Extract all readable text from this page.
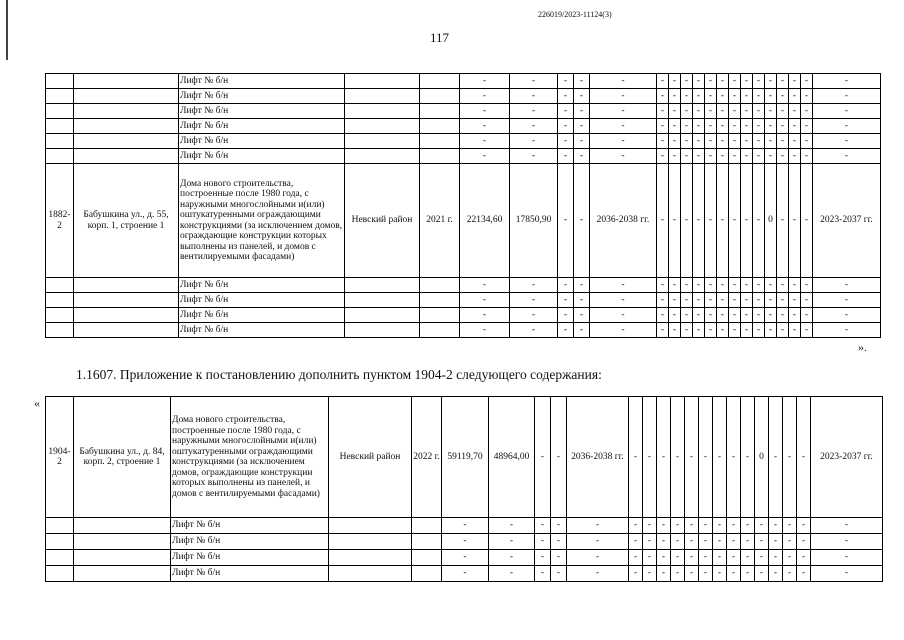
226019/2023-11124(3)
117
		Лифт № б/н			-	-	-	-	-	-	-	-	-	-	-	-	-	-	-	-	-	-	-
		Лифт № б/н			-	-	-	-	-	-	-	-	-	-	-	-	-	-	-	-	-	-	-
		Лифт № б/н			-	-	-	-	-	-	-	-	-	-	-	-	-	-	-	-	-	-	-
		Лифт № б/н			-	-	-	-	-	-	-	-	-	-	-	-	-	-	-	-	-	-	-
		Лифт № б/н			-	-	-	-	-	-	-	-	-	-	-	-	-	-	-	-	-	-	-
		Лифт № б/н			-	-	-	-	-	-	-	-	-	-	-	-	-	-	-	-	-	-	-
1882-2	Бабушкина ул., д. 55, корп. 1, строение 1	Дома нового строительства, построенные после 1980 года, с наружными многослойными и(или) оштукатуренными ограждающими конструкциями (за исключением домов, ограждающие конструкции которых выполнены из панелей, и домов с вентилируемыми фасадами)	Невский район	2021 г.	22134,60	17850,90	-	-	2036-2038 гг.	-	-	-	-	-	-	-	-	-	0	-	-	-	2023-2037 гг.
		Лифт № б/н			-	-	-	-	-	-	-	-	-	-	-	-	-	-	-	-	-	-	-
		Лифт № б/н			-	-	-	-	-	-	-	-	-	-	-	-	-	-	-	-	-	-	-
		Лифт № б/н			-	-	-	-	-	-	-	-	-	-	-	-	-	-	-	-	-	-	-
		Лифт № б/н			-	-	-	-	-	-	-	-	-	-	-	-	-	-	-	-	-	-	-
».
1.1607. Приложение к постановлению дополнить пунктом 1904-2 следующего содержания:
«
1904-2	Бабушкина ул., д. 84, корп. 2, строение 1	Дома нового строительства, построенные после 1980 года, с наружными многослойными и(или) оштукатуренными ограждающими конструкциями (за исключением домов, ограждающие конструкции которых выполнены из панелей, и домов с вентилируемыми фасадами)	Невский район	2022 г.	59119,70	48964,00	-	-	2036-2038 гг.	-	-	-	-	-	-	-	-	-	0	-	-	-	2023-2037 гг.
		Лифт № б/н			-	-	-	-	-	-	-	-	-	-	-	-	-	-	-	-	-	-	-
		Лифт № б/н			-	-	-	-	-	-	-	-	-	-	-	-	-	-	-	-	-	-	-
		Лифт № б/н			-	-	-	-	-	-	-	-	-	-	-	-	-	-	-	-	-	-	-
		Лифт № б/н			-	-	-	-	-	-	-	-	-	-	-	-	-	-	-	-	-	-	-
